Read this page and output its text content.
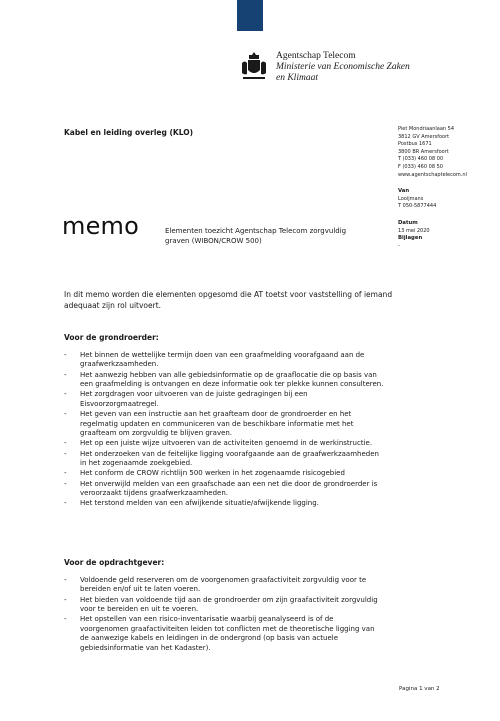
Agentschap Telecom
Ministerie van Economische Zaken
en Klimaat
Kabel en leiding overleg (KLO)	Piet Mondriaanlaan 54
3812 GV Amersfoort
Postbus 1671
3800 BR Amersfoort
T (033) 460 08 00
F (033) 460 08 50
www.agentschaptelecom.nl
Van
Looijmans
T 050-5877444
Datum
13 mei 2020
Bijlagen
-
memo	Elementen toezicht Agentschap Telecom zorgvuldig
graven (WIBON/CROW 500)
In dit memo worden die elementen opgesomd die AT toetst voor vaststelling of iemand adequaat zijn rol uitvoert.
Voor de grondroerder:
- Het binnen de wettelijke termijn doen van een graafmelding voorafgaand aan de graafwerkzaamheden.
- Het aanwezig hebben van alle gebiedsinformatie op de graaflocatie die op basis van een graafmelding is ontvangen en deze informatie ook ter plekke kunnen consulteren.
- Het zorgdragen voor uitvoeren van de juiste gedragingen bij een Eisvoorzorgmaatregel.
- Het geven van een instructie aan het graafteam door de grondroerder en het regelmatig updaten en communiceren van de beschikbare informatie met het graafteam om zorgvuldig te blijven graven.
- Het op een juiste wijze uitvoeren van de activiteiten genoemd in de werkinstructie.
- Het onderzoeken van de feitelijke ligging voorafgaande aan de graafwerkzaamheden in het zogenaamde zoekgebied.
- Het conform de CROW richtlijn 500 werken in het zogenaamde risicogebied
- Het onverwijld melden van een graafschade aan een net die door de grondroerder is veroorzaakt tijdens graafwerkzaamheden.
- Het terstond melden van een afwijkende situatie/afwijkende ligging.
Voor de opdrachtgever:
- Voldoende geld reserveren om de voorgenomen graafactiviteit zorgvuldig voor te bereiden en/of uit te laten voeren.
- Het bieden van voldoende tijd aan de grondroerder om zijn graafactiviteit zorgvuldig voor te bereiden en uit te voeren.
- Het opstellen van een risico-inventarisatie waarbij geanalyseerd is of de voorgenomen graafactiviteiten leiden tot conflicten met de theoretische ligging van de aanwezige kabels en leidingen in de ondergrond (op basis van actuele gebiedsinformatie van het Kadaster).
Pagina 1 van 2
